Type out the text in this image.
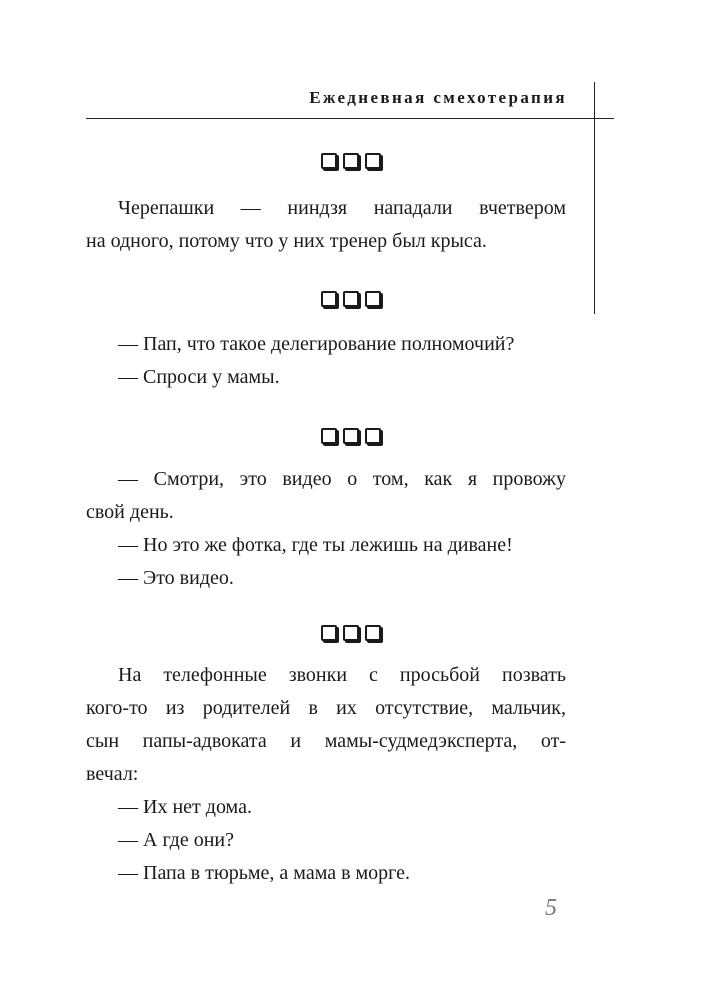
Ежедневная смехотерапия
Черепашки — ниндзя нападали вчетвером
на одного, потому что у них тренер был крыса.
— Пап, что такое делегирование полномочий?
— Спроси у мамы.
— Смотри, это видео о том, как я провожу
свой день.
— Но это же фотка, где ты лежишь на диване!
— Это видео.
На телефонные звонки с просьбой позвать
кого-то из родителей в их отсутствие, мальчик,
сын папы-адвоката и мамы-судмедэксперта, от-
вечал:
— Их нет дома.
— А где они?
— Папа в тюрьме, а мама в морге.
5
